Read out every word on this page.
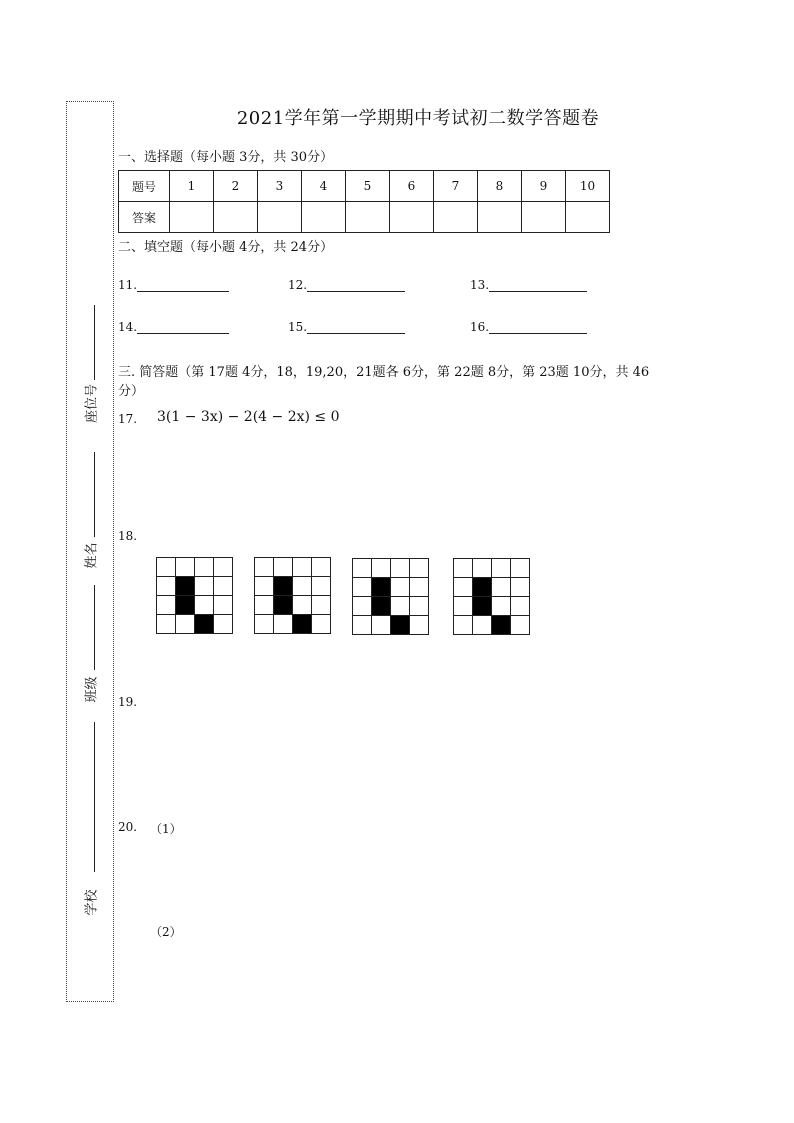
座位号
姓名
班级
学校
2021学年第一学期期中考试初二数学答题卷
一、选择题（每小题 3分，共 30分）
题号	1	2	3	4	5	6	7	8	9	10
答案										
二、填空题（每小题 4分，共 24分）
11.	12.	13.
14.	15.	16.
三. 简答题（第 17题 4分，18，19,20，21题各 6分，第 22题 8分，第 23题 10分，共 46
分）
17. 3(1 − 3x) − 2(4 − 2x) ≤ 0
18.

19.
20. （1）
（2）
